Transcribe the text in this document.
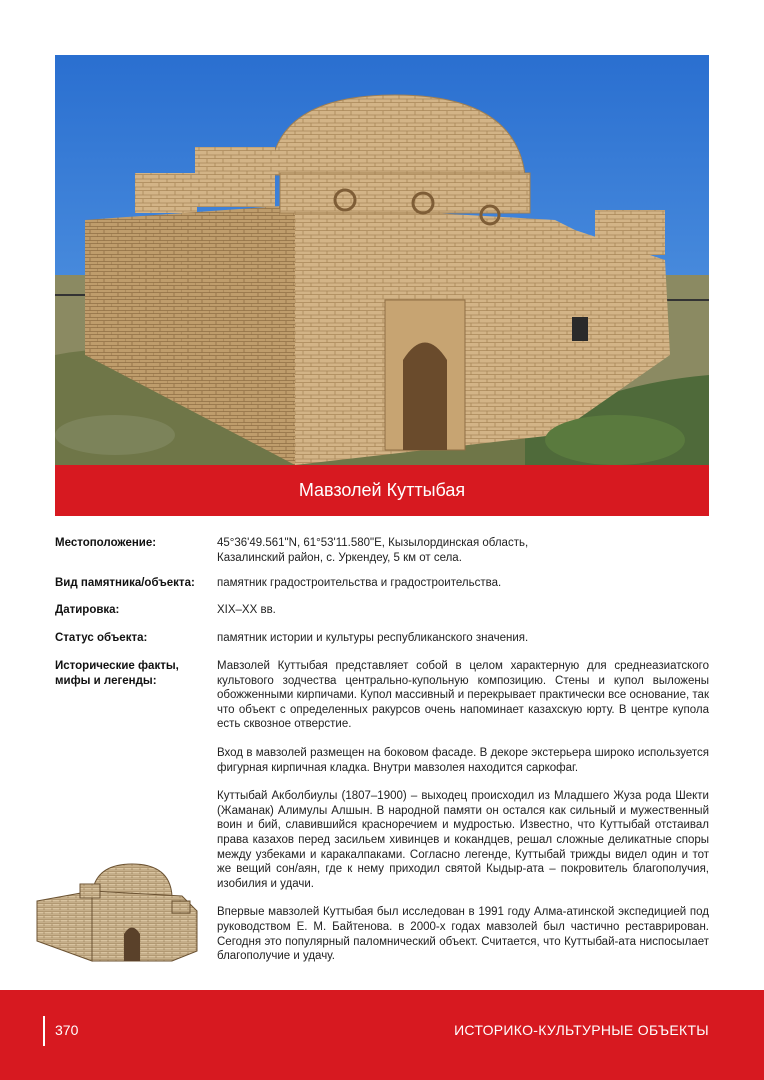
Мавзолей Куттыбая
Местоположение:	45°36'49.561"N, 61°53'11.580"E, Кызылординская область,
Казалинский район, с. Уркендеу, 5 км от села.
Вид памятника/объекта:	памятник градостроительства и градостроительства.
Датировка:	XIX–XX вв.
Статус объекта:	памятник истории и культуры республиканского значения.
Исторические факты,
мифы и легенды:

Мавзолей Куттыбая представляет собой в целом характерную для среднеазиатского культового зодчества центрально-купольную композицию. Стены и купол выложены обожженными кирпичами. Купол массивный и перекрывает практически все основание, так что объект с определенных ракурсов очень напоминает казахскую юрту. В центре купола есть сквозное отверстие.

Вход в мавзолей размещен на боковом фасаде. В декоре экстерьера широко используется фигурная кирпичная кладка. Внутри мавзолея находится саркофаг.

Куттыбай Акболбиулы (1807–1900) – выходец происходил из Младшего Жуза рода Шекти (Жаманак) Алимулы Алшын. В народной памяти он остался как сильный и мужественный воин и бий, славившийся красноречием и мудростью. Известно, что Куттыбай отстаивал права казахов перед засильем хивинцев и кокандцев, решал сложные деликатные споры между узбеками и каракалпаками. Согласно легенде, Куттыбай трижды видел один и тот же вещий сон/аян, где к нему приходил святой Кыдыр-ата – покровитель благополучия, изобилия и удачи.

Впервые мавзолей Куттыбая был исследован в 1991 году Алма-атинской экспедицией под руководством Е. М. Байтенова. в 2000-х годах мавзолей был частично реставрирован. Сегодня это популярный паломнический объект. Считается, что Куттыбай-ата ниспосылает благополучие и удачу.

370	ИСТОРИКО-КУЛЬТУРНЫЕ ОБЪЕКТЫ
